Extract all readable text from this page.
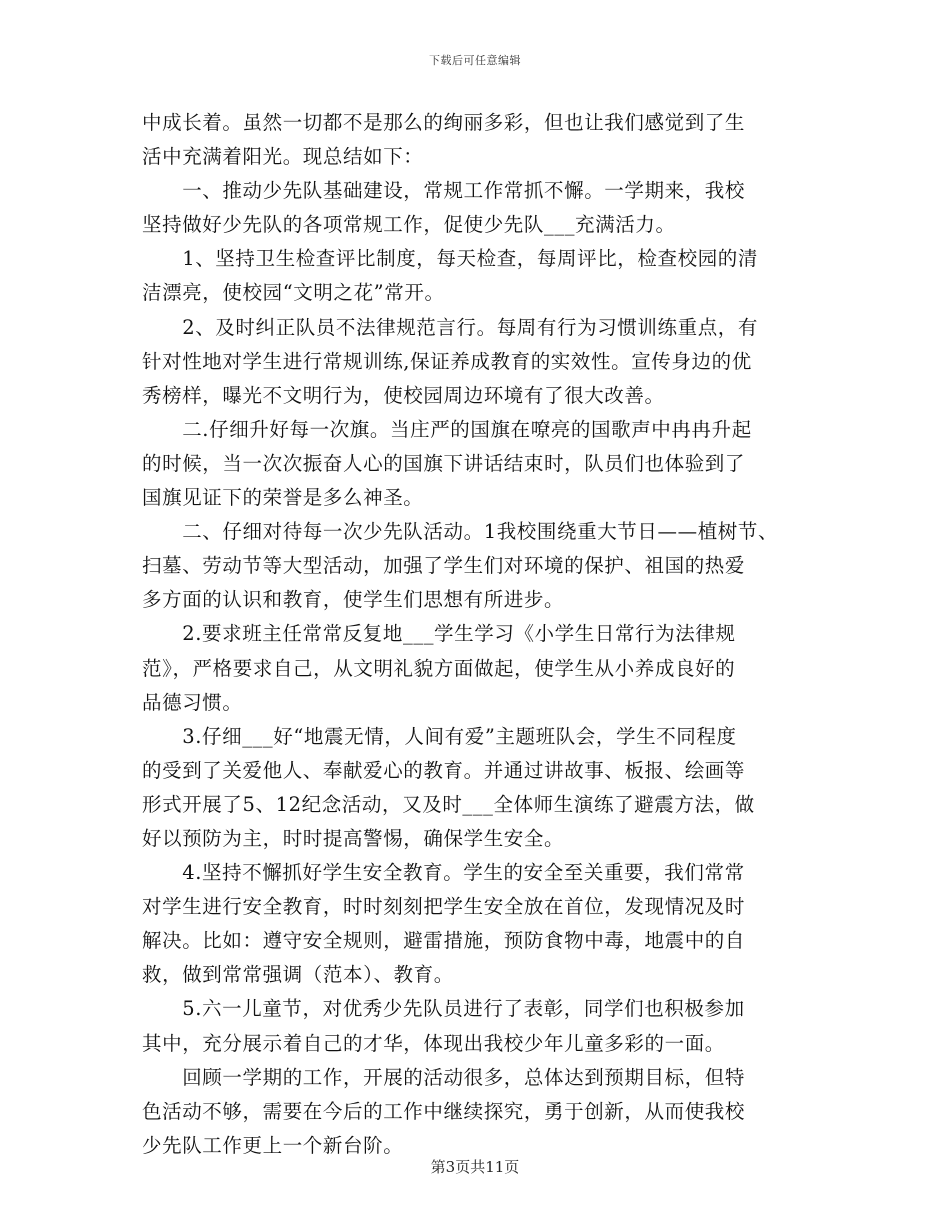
下载后可任意编辑
中成长着。虽然一切都不是那么的绚丽多彩，但也让我们感觉到了生
活中充满着阳光。现总结如下：
　　一、推动少先队基础建设，常规工作常抓不懈。一学期来，我校
坚持做好少先队的各项常规工作，促使少先队___充满活力。
　　1、坚持卫生检查评比制度，每天检查，每周评比，检查校园的清
洁漂亮，使校园“文明之花”常开。
　　2、及时纠正队员不法律规范言行。每周有行为习惯训练重点，有
针对性地对学生进行常规训练,保证养成教育的实效性。宣传身边的优
秀榜样，曝光不文明行为，使校园周边环境有了很大改善。
　　二.仔细升好每一次旗。当庄严的国旗在嘹亮的国歌声中冉冉升起
的时候，当一次次振奋人心的国旗下讲话结束时，队员们也体验到了
国旗见证下的荣誉是多么神圣。
　　二、仔细对待每一次少先队活动。1我校围绕重大节日——植树节、
扫墓、劳动节等大型活动，加强了学生们对环境的保护、祖国的热爱
多方面的认识和教育，使学生们思想有所进步。
　　2.要求班主任常常反复地___学生学习《小学生日常行为法律规
范》，严格要求自己，从文明礼貌方面做起，使学生从小养成良好的
品德习惯。
　　3.仔细___好“地震无情，人间有爱”主题班队会，学生不同程度
的受到了关爱他人、奉献爱心的教育。并通过讲故事、板报、绘画等
形式开展了5、12纪念活动，又及时___全体师生演练了避震方法，做
好以预防为主，时时提高警惕，确保学生安全。
　　4.坚持不懈抓好学生安全教育。学生的安全至关重要，我们常常
对学生进行安全教育，时时刻刻把学生安全放在首位，发现情况及时
解决。比如：遵守安全规则，避雷措施，预防食物中毒，地震中的自
救，做到常常强调（范本）、教育。
　　5.六一儿童节，对优秀少先队员进行了表彰，同学们也积极参加
其中，充分展示着自己的才华，体现出我校少年儿童多彩的一面。
　　回顾一学期的工作，开展的活动很多，总体达到预期目标，但特
色活动不够，需要在今后的工作中继续探究，勇于创新，从而使我校
少先队工作更上一个新台阶。
第3页共11页
